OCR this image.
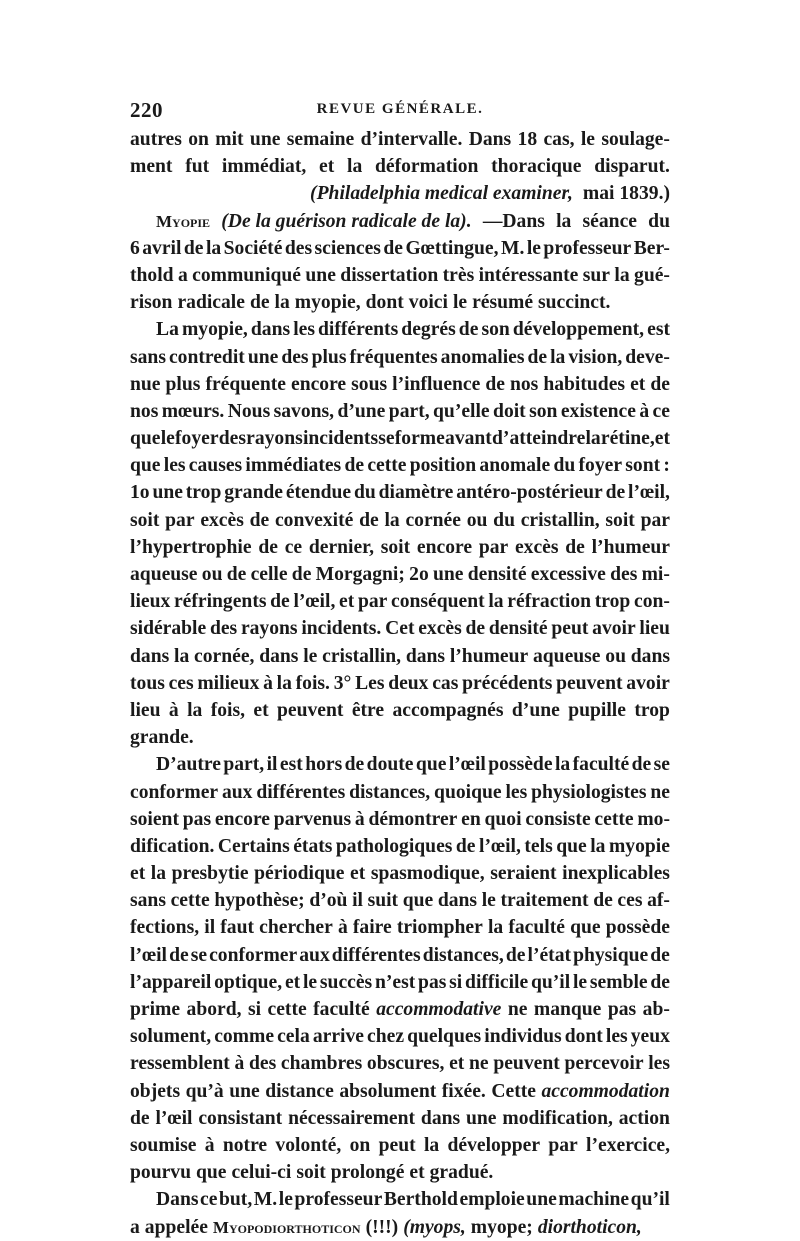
220	REVUE GÉNÉRALE.
autres on mit une semaine d’intervalle. Dans 18 cas, le soulage-
ment fut immédiat, et la déformation thoracique disparut.
(Philadelphia medical examiner, mai 1839.)
Myopie (De la guérison radicale de la). —Dans la séance du
6 avril de la Société des sciences de Gœttingue, M. le professeur Ber-
thold a communiqué une dissertation très intéressante sur la gué-
rison radicale de la myopie, dont voici le résumé succinct.
La myopie, dans les différents degrés de son développement, est
sans contredit une des plus fréquentes anomalies de la vision, deve-
nue plus fréquente encore sous l’influence de nos habitudes et de
nos mœurs. Nous savons, d’une part, qu’elle doit son existence à ce
que le foyer des rayons incidents se forme avant d’atteindre la rétine,et
que les causes immédiates de cette position anomale du foyer sont :
1o une trop grande étendue du diamètre antéro-postérieur de l’œil,
soit par excès de convexité de la cornée ou du cristallin, soit par
l’hypertrophie de ce dernier, soit encore par excès de l’humeur
aqueuse ou de celle de Morgagni; 2o une densité excessive des mi-
lieux réfringents de l’œil, et par conséquent la réfraction trop con-
sidérable des rayons incidents. Cet excès de densité peut avoir lieu
dans la cornée, dans le cristallin, dans l’humeur aqueuse ou dans
tous ces milieux à la fois. 3° Les deux cas précédents peuvent avoir
lieu à la fois, et peuvent être accompagnés d’une pupille trop
grande.
D’autre part, il est hors de doute que l’œil possède la faculté de se
conformer aux différentes distances, quoique les physiologistes ne
soient pas encore parvenus à démontrer en quoi consiste cette mo-
dification. Certains états pathologiques de l’œil, tels que la myopie
et la presbytie périodique et spasmodique, seraient inexplicables
sans cette hypothèse; d’où il suit que dans le traitement de ces af-
fections, il faut chercher à faire triompher la faculté que possède
l’œil de se conformer aux différentes distances, de l’état physique de
l’appareil optique, et le succès n’est pas si difficile qu’il le semble de
prime abord, si cette faculté accommodative ne manque pas ab-
solument, comme cela arrive chez quelques individus dont les yeux
ressemblent à des chambres obscures, et ne peuvent percevoir les
objets qu’à une distance absolument fixée. Cette accommodation
de l’œil consistant nécessairement dans une modification, action
soumise à notre volonté, on peut la développer par l’exercice,
pourvu que celui-ci soit prolongé et gradué.
Dans ce but, M. le professeur Berthold emploie une machine qu’il
a appelée Myopodiorthoticon (!!!) (myops, myope; diorthoticon,
